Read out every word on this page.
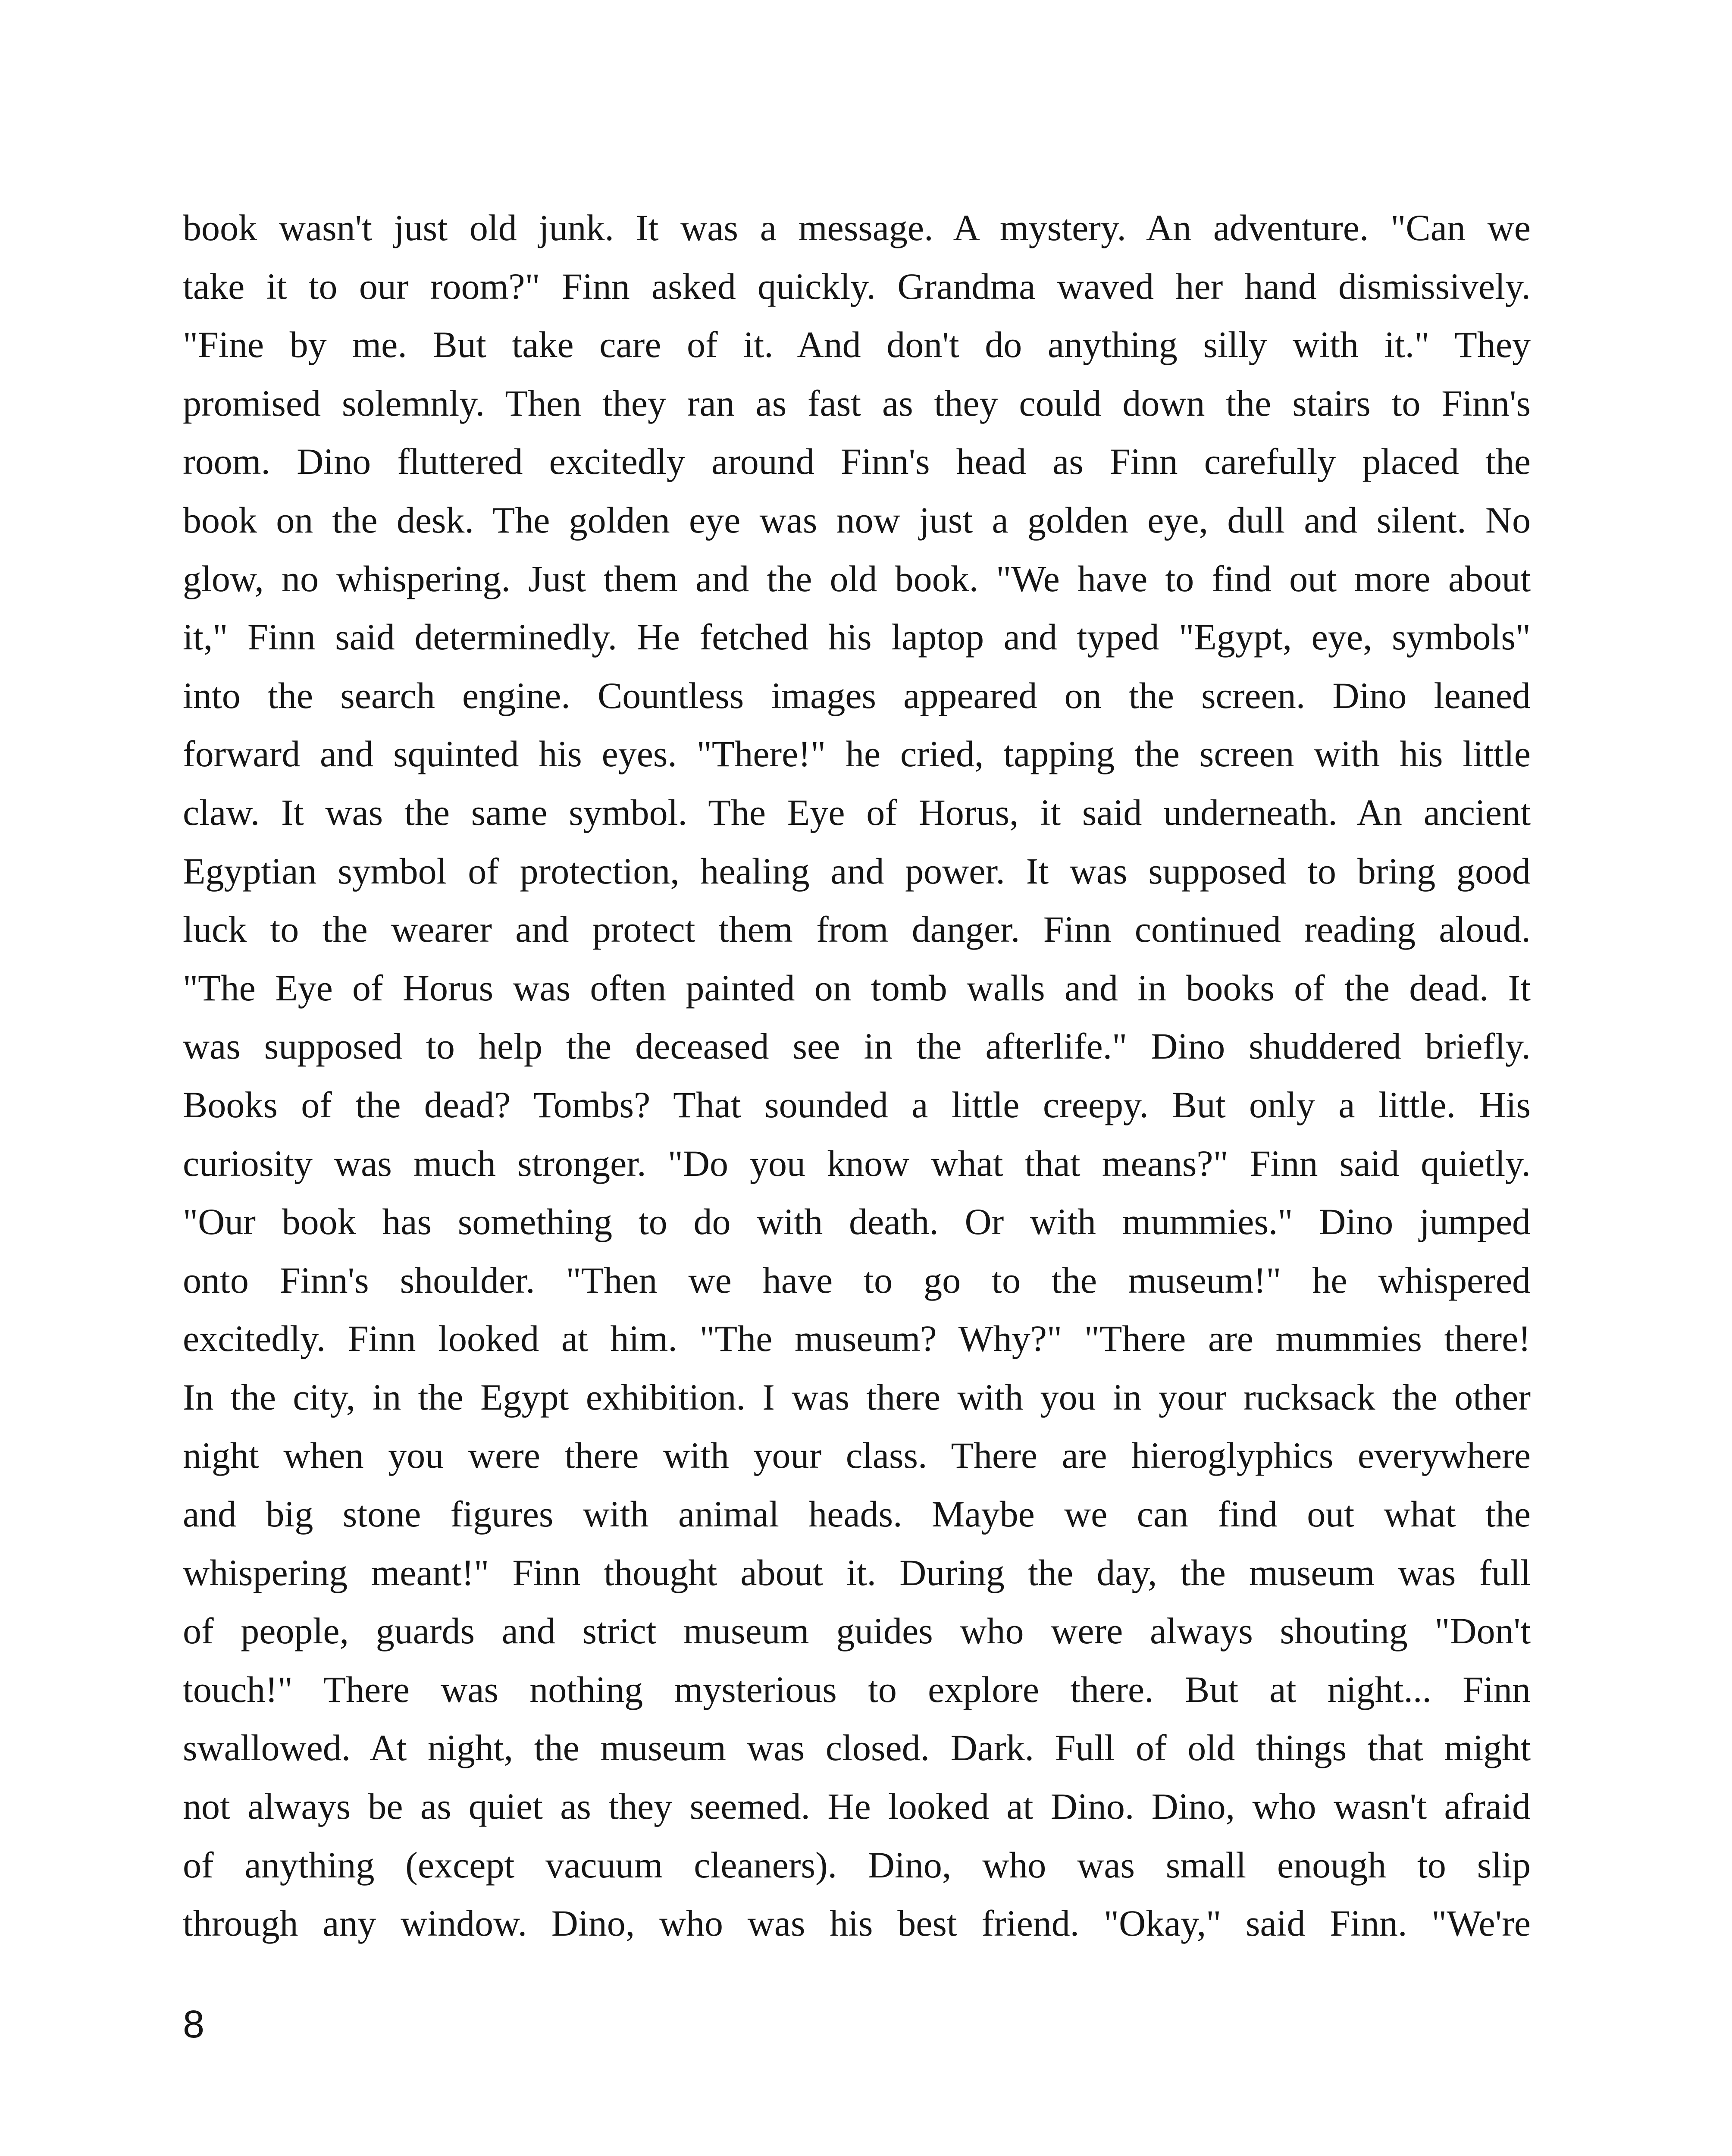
book wasn't just old junk. It was a message. A mystery. An adventure. "Can we
take it to our room?" Finn asked quickly. Grandma waved her hand dismissively.
"Fine by me. But take care of it. And don't do anything silly with it." They
promised solemnly. Then they ran as fast as they could down the stairs to Finn's
room. Dino fluttered excitedly around Finn's head as Finn carefully placed the
book on the desk. The golden eye was now just a golden eye, dull and silent. No
glow, no whispering. Just them and the old book. "We have to find out more about
it," Finn said determinedly. He fetched his laptop and typed "Egypt, eye, symbols"
into the search engine. Countless images appeared on the screen. Dino leaned
forward and squinted his eyes. "There!" he cried, tapping the screen with his little
claw. It was the same symbol. The Eye of Horus, it said underneath. An ancient
Egyptian symbol of protection, healing and power. It was supposed to bring good
luck to the wearer and protect them from danger. Finn continued reading aloud.
"The Eye of Horus was often painted on tomb walls and in books of the dead. It
was supposed to help the deceased see in the afterlife." Dino shuddered briefly.
Books of the dead? Tombs? That sounded a little creepy. But only a little. His
curiosity was much stronger. "Do you know what that means?" Finn said quietly.
"Our book has something to do with death. Or with mummies." Dino jumped
onto Finn's shoulder. "Then we have to go to the museum!" he whispered
excitedly. Finn looked at him. "The museum? Why?" "There are mummies there!
In the city, in the Egypt exhibition. I was there with you in your rucksack the other
night when you were there with your class. There are hieroglyphics everywhere
and big stone figures with animal heads. Maybe we can find out what the
whispering meant!" Finn thought about it. During the day, the museum was full
of people, guards and strict museum guides who were always shouting "Don't
touch!" There was nothing mysterious to explore there. But at night... Finn
swallowed. At night, the museum was closed. Dark. Full of old things that might
not always be as quiet as they seemed. He looked at Dino. Dino, who wasn't afraid
of anything (except vacuum cleaners). Dino, who was small enough to slip
through any window. Dino, who was his best friend. "Okay," said Finn. "We're
8
